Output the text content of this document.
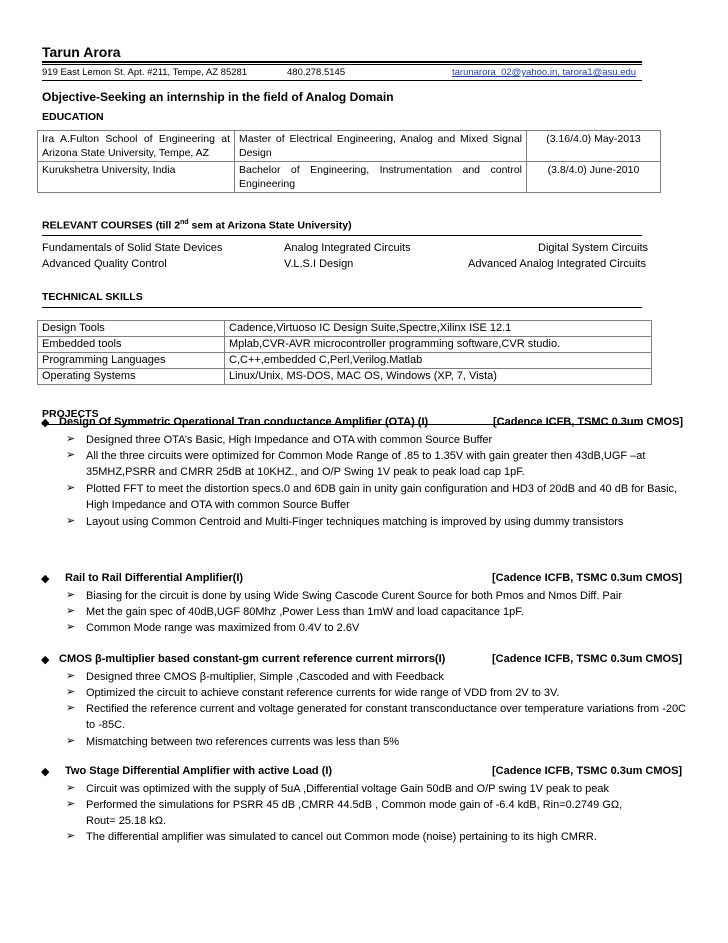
Tarun Arora
919 East Lemon St. Apt. #211, Tempe, AZ 85281	480.278.5145	tarunarora_02@yahoo.in, tarora1@asu.edu
Objective-Seeking an internship in the field of Analog Domain
EDUCATION
Ira A.Fulton School of Engineering at Arizona State University, Tempe, AZ	Master of Electrical Engineering, Analog and Mixed Signal Design	(3.16/4.0) May-2013
Kurukshetra University, India	Bachelor of Engineering, Instrumentation and control Engineering	(3.8/4.0) June-2010
RELEVANT COURSES (till 2nd sem at Arizona State University)
Fundamentals of Solid State Devices	Analog Integrated Circuits	Digital System Circuits
Advanced Quality Control	V.L.S.I Design	Advanced Analog Integrated Circuits
TECHNICAL SKILLS
Design Tools	Cadence,Virtuoso IC Design Suite,Spectre,Xilinx ISE 12.1
Embedded tools	Mplab,CVR-AVR microcontroller programming software,CVR studio.
Programming Languages	C,C++,embedded C,Perl,Verilog.Matlab
Operating Systems	Linux/Unix, MS-DOS, MAC OS, Windows (XP, 7, Vista)
PROJECTS
◆ Design Of Symmetric Operational Tran conductance Amplifier (OTA) (I)	[Cadence ICFB, TSMC 0.3um CMOS]
➢ Designed three OTA’s Basic, High Impedance and OTA with common Source Buffer
➢ All the three circuits were optimized for Common Mode Range of .85 to 1.35V with gain greater then 43dB,UGF –at 35MHZ,PSRR and CMRR 25dB at 10KHZ., and O/P Swing 1V peak to peak load cap 1pF.
➢ Plotted FFT to meet the distortion specs.0 and 6DB gain in unity gain configuration and HD3 of 20dB and 40 dB for Basic, High Impedance and OTA with common Source Buffer
➢ Layout using Common Centroid and Multi-Finger techniques matching is improved by using dummy transistors
◆ Rail to Rail Differential Amplifier(I)	[Cadence ICFB, TSMC 0.3um CMOS]
➢ Biasing for the circuit is done by using Wide Swing Cascode Curent Source for both Pmos and Nmos Diff. Pair
➢ Met the gain spec of 40dB,UGF 80Mhz ,Power Less than 1mW and load capacitance 1pF.
➢ Common Mode range was maximized from 0.4V to 2.6V
◆ CMOS β-multiplier based constant-gm current reference current mirrors(I)	[Cadence ICFB, TSMC 0.3um CMOS]
➢ Designed three CMOS β-multiplier, Simple ,Cascoded and with Feedback
➢ Optimized the circuit to achieve constant reference currents for wide range of VDD from 2V to 3V.
➢ Rectified the reference current and voltage generated for constant transconductance over temperature variations from -20C to -85C.
➢ Mismatching between two references currents was less than 5%
◆ Two Stage Differential Amplifier with active Load (I)	[Cadence ICFB, TSMC 0.3um CMOS]
➢ Circuit was optimized with the supply of 5uA ,Differential voltage Gain 50dB and O/P swing 1V peak to peak
➢ Performed the simulations for PSRR 45 dB ,CMRR 44.5dB , Common mode gain of -6.4 kdB, Rin=0.2749 GΩ,
Rout= 25.18 kΩ.
➢ The differential amplifier was simulated to cancel out Common mode (noise) pertaining to its high CMRR.
